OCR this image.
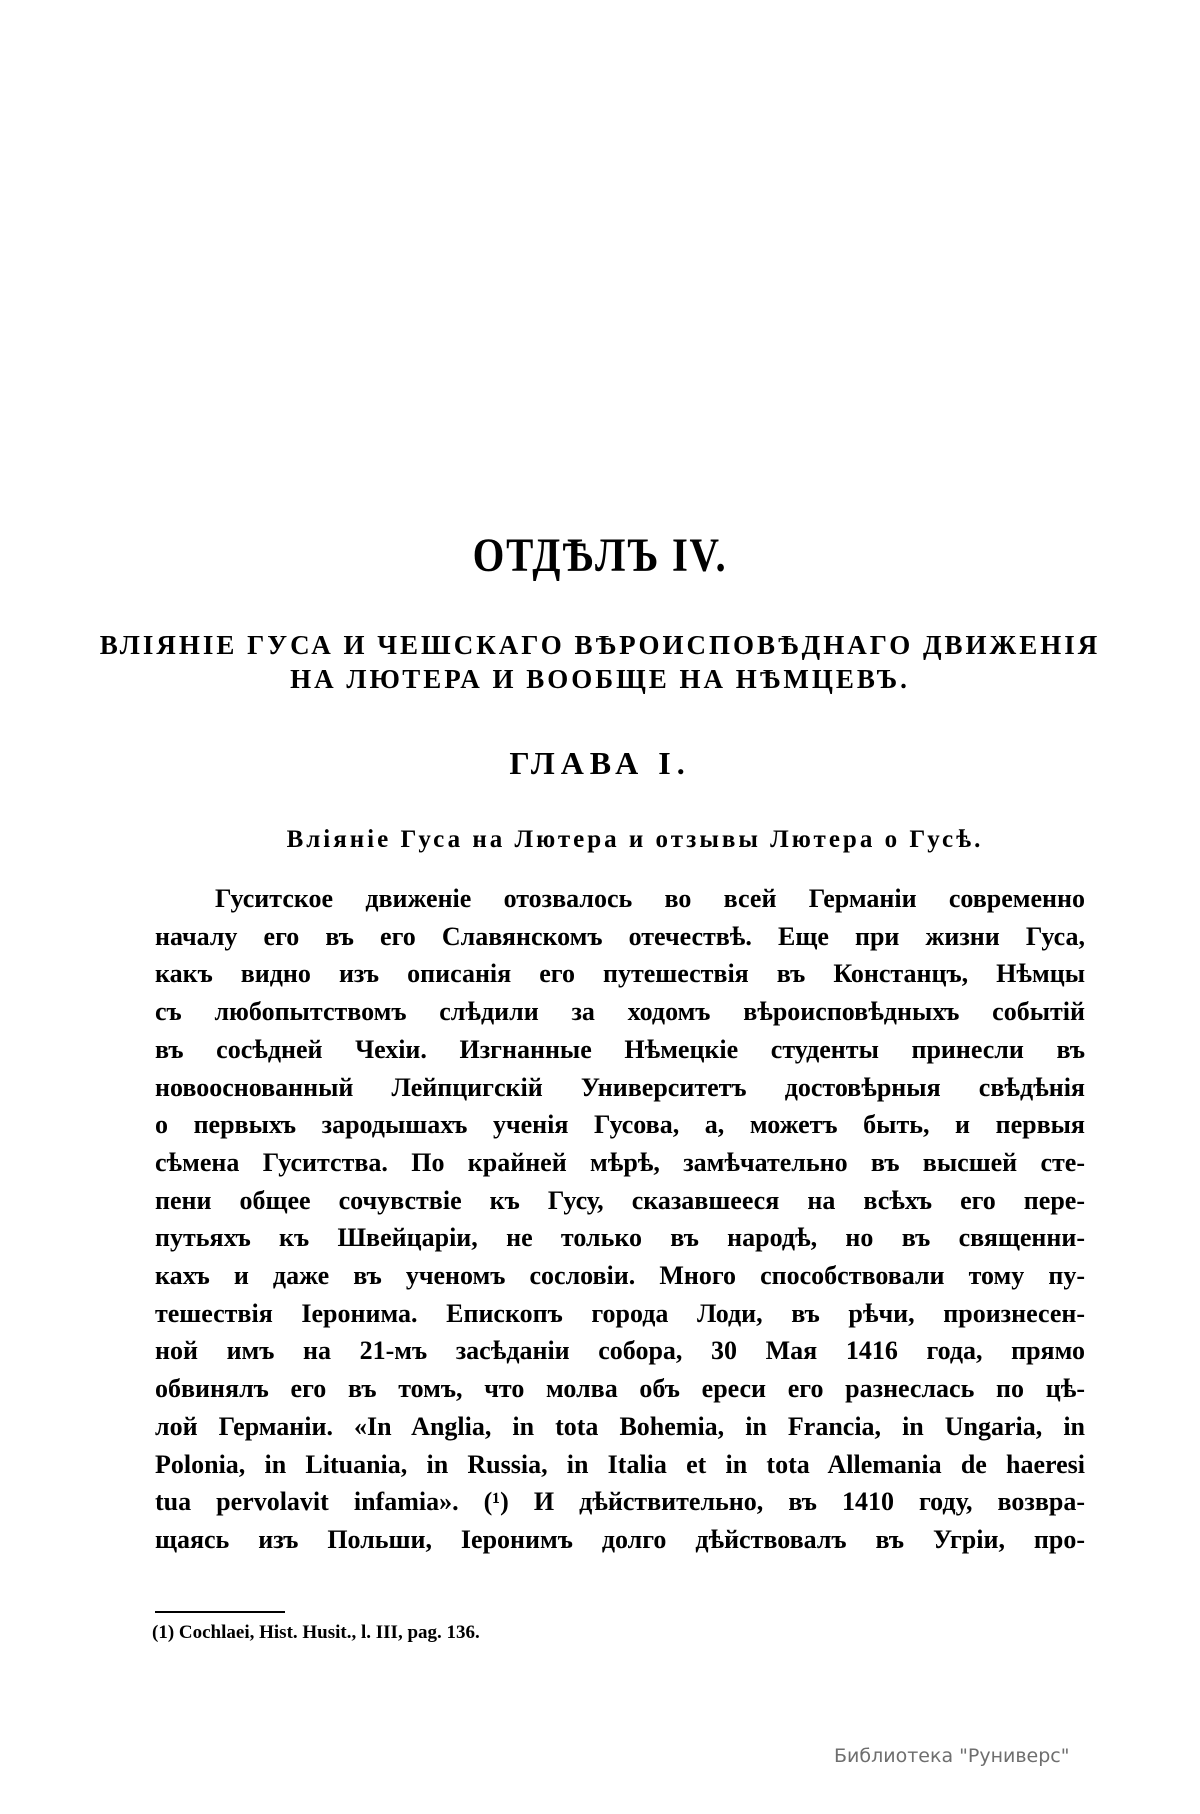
ОТДѢЛЪ IV.
ВЛІЯНІЕ ГУСА И ЧЕШСКАГО ВѢРОИСПОВѢДНАГО ДВИЖЕНІЯ
НА ЛЮТЕРА И ВООБЩЕ НА НѢМЦЕВЪ.
ГЛАВА I.
Вліяніе Гуса на Лютера и отзывы Лютера о Гусѣ.
Гуситское движеніе отозвалось во всей Германіи современно
началу его въ его Славянскомъ отечествѣ. Еще при жизни Гуса,
какъ видно изъ описанія его путешествія въ Констанцъ, Нѣмцы
съ любопытствомъ слѣдили за ходомъ вѣроисповѣдныхъ событій
въ сосѣдней Чехіи. Изгнанные Нѣмецкіе студенты принесли въ
новооснованный Лейпцигскій Университетъ достовѣрныя свѣдѣнія
о первыхъ зародышахъ ученія Гусова, а, можетъ быть, и первыя
сѣмена Гуситства. По крайней мѣрѣ, замѣчательно въ высшей сте-
пени общее сочувствіе къ Гусу, сказавшееся на всѣхъ его пере-
путьяхъ къ Швейцаріи, не только въ народѣ, но въ священни-
кахъ и даже въ ученомъ сословіи. Много способствовали тому пу-
тешествія Іеронима. Епископъ города Лоди, въ рѣчи, произнесен-
ной имъ на 21-мъ засѣданіи собора, 30 Мая 1416 года, прямо
обвинялъ его въ томъ, что молва объ ереси его разнеслась по цѣ-
лой Германіи. «In Anglia, in tota Bohemia, in Francia, in Ungaria, in
Polonia, in Lituania, in Russia, in Italia et in tota Allemania de haeresi
tua pervolavit infamia». (¹) И дѣйствительно, въ 1410 году, возвра-
щаясь изъ Польши, Іеронимъ долго дѣйствовалъ въ Угріи, про-
(1) Cochlaei, Hist. Husit., l. III, pag. 136.
Библиотека "Руниверс"
